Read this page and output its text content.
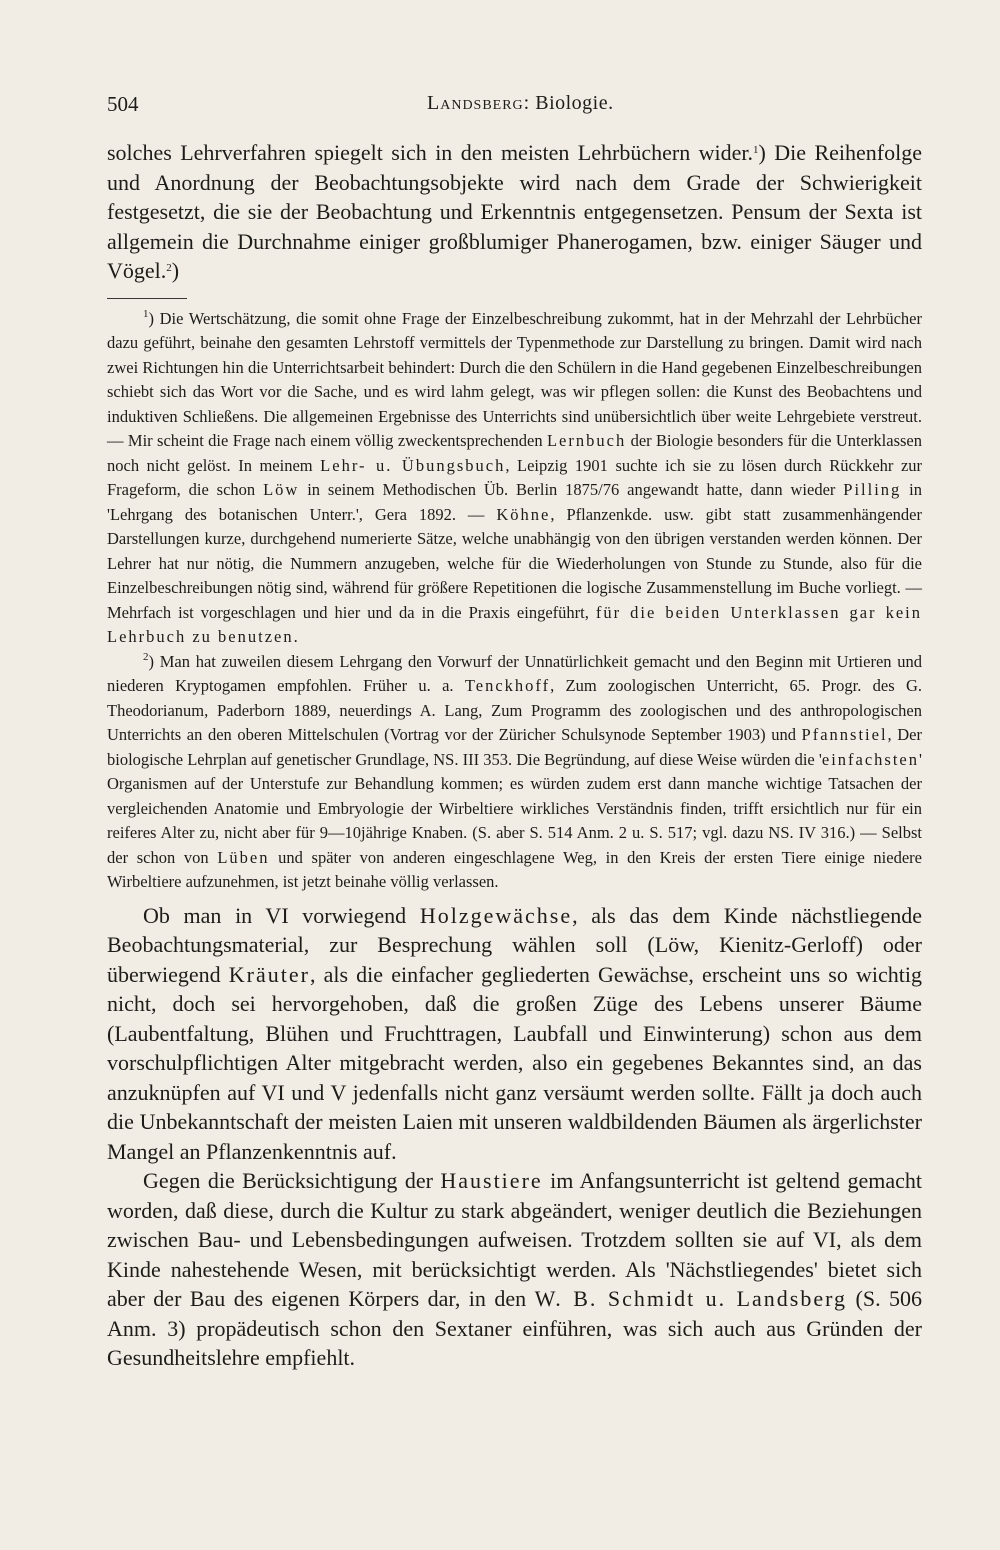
504	Landsberg: Biologie.

solches Lehrverfahren spiegelt sich in den meisten Lehrbüchern wider.$^1$) Die Reihenfolge und Anordnung der Beobachtungsobjekte wird nach dem Grade der Schwierigkeit festgesetzt, die sie der Beobachtung und Erkenntnis entgegensetzen. Pensum der Sexta ist allgemein die Durchnahme einiger großblumiger Phanerogamen, bzw. einiger Säuger und Vögel.$^2$)

$^1$) Die Wertschätzung, die somit ohne Frage der Einzelbeschreibung zukommt, hat in der Mehrzahl der Lehrbücher dazu geführt, beinahe den gesamten Lehrstoff vermittels der Typenmethode zur Darstellung zu bringen. Damit wird nach zwei Richtungen hin die Unterrichtsarbeit behindert: Durch die den Schülern in die Hand gegebenen Einzelbeschreibungen schiebt sich das Wort vor die Sache, und es wird lahm gelegt, was wir pflegen sollen: die Kunst des Beobachtens und induktiven Schließens. Die allgemeinen Ergebnisse des Unterrichts sind unübersichtlich über weite Lehrgebiete verstreut. — Mir scheint die Frage nach einem völlig zweckentsprechenden Lernbuch der Biologie besonders für die Unterklassen noch nicht gelöst. In meinem Lehr- u. Übungsbuch, Leipzig 1901 suchte ich sie zu lösen durch Rückkehr zur Frageform, die schon Löw in seinem Methodischen Üb. Berlin 1875/76 angewandt hatte, dann wieder Pilling in 'Lehrgang des botanischen Unterr.', Gera 1892. — Köhne, Pflanzenkde. usw. gibt statt zusammenhängender Darstellungen kurze, durchgehend numerierte Sätze, welche unabhängig von den übrigen verstanden werden können. Der Lehrer hat nur nötig, die Nummern anzugeben, welche für die Wiederholungen von Stunde zu Stunde, also für die Einzelbeschreibungen nötig sind, während für größere Repetitionen die logische Zusammenstellung im Buche vorliegt. — Mehrfach ist vorgeschlagen und hier und da in die Praxis eingeführt, für die beiden Unterklassen gar kein Lehrbuch zu benutzen.

$^2$) Man hat zuweilen diesem Lehrgang den Vorwurf der Unnatürlichkeit gemacht und den Beginn mit Urtieren und niederen Kryptogamen empfohlen. Früher u. a. Tenckhoff, Zum zoologischen Unterricht, 65. Progr. des G. Theodorianum, Paderborn 1889, neuerdings A. Lang, Zum Programm des zoologischen und des anthropologischen Unterrichts an den oberen Mittelschulen (Vortrag vor der Züricher Schulsynode September 1903) und Pfannstiel, Der biologische Lehrplan auf genetischer Grundlage, NS. III 353. Die Begründung, auf diese Weise würden die 'einfachsten' Organismen auf der Unterstufe zur Behandlung kommen; es würden zudem erst dann manche wichtige Tatsachen der vergleichenden Anatomie und Embryologie der Wirbeltiere wirkliches Verständnis finden, trifft ersichtlich nur für ein reiferes Alter zu, nicht aber für 9—10jährige Knaben. (S. aber S. 514 Anm. 2 u. S. 517; vgl. dazu NS. IV 316.) — Selbst der schon von Lüben und später von anderen eingeschlagene Weg, in den Kreis der ersten Tiere einige niedere Wirbeltiere aufzunehmen, ist jetzt beinahe völlig verlassen.

Ob man in VI vorwiegend Holzgewächse, als das dem Kinde nächstliegende Beobachtungsmaterial, zur Besprechung wählen soll (Löw, Kienitz-Gerloff) oder überwiegend Kräuter, als die einfacher gegliederten Gewächse, erscheint uns so wichtig nicht, doch sei hervorgehoben, daß die großen Züge des Lebens unserer Bäume (Laubentfaltung, Blühen und Fruchttragen, Laubfall und Einwinterung) schon aus dem vorschulpflichtigen Alter mitgebracht werden, also ein gegebenes Bekanntes sind, an das anzuknüpfen auf VI und V jedenfalls nicht ganz versäumt werden sollte. Fällt ja doch auch die Unbekanntschaft der meisten Laien mit unseren waldbildenden Bäumen als ärgerlichster Mangel an Pflanzenkenntnis auf.

Gegen die Berücksichtigung der Haustiere im Anfangsunterricht ist geltend gemacht worden, daß diese, durch die Kultur zu stark abgeändert, weniger deutlich die Beziehungen zwischen Bau- und Lebensbedingungen aufweisen. Trotzdem sollten sie auf VI, als dem Kinde nahestehende Wesen, mit berücksichtigt werden. Als 'Nächstliegendes' bietet sich aber der Bau des eigenen Körpers dar, in den W. B. Schmidt u. Landsberg (S. 506 Anm. 3) propädeutisch schon den Sextaner einführen, was sich auch aus Gründen der Gesundheitslehre empfiehlt.
